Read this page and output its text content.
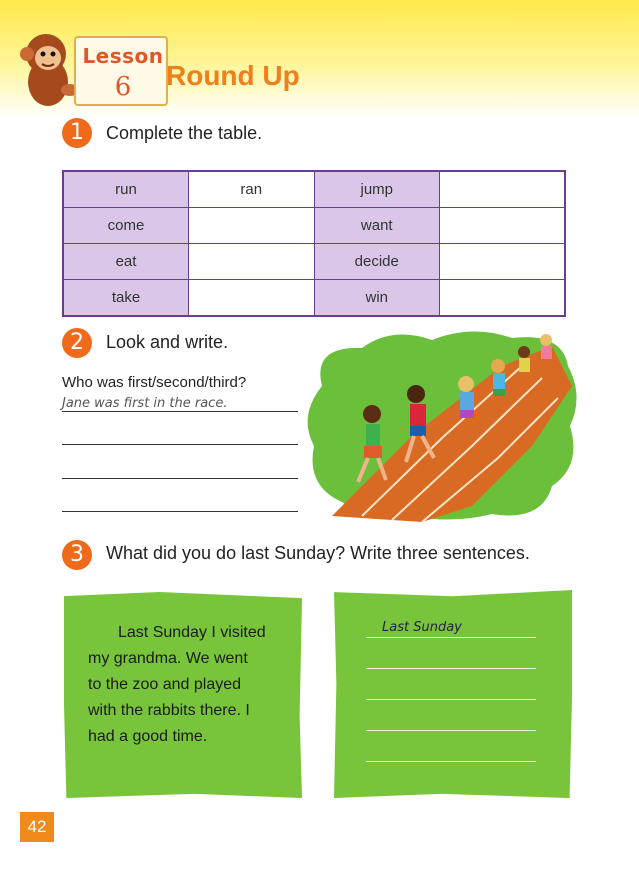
Lesson
6	Round Up
1	Complete the table.
run	ran	jump	
come		want	
eat		decide	
take		win	
2	Look and write.
Who was first/second/third?
Jane was first in the race.
3	What did you do last Sunday? Write three sentences.
Last Sunday I visited
my grandma. We went
to the zoo and played
with the rabbits there. I
had a good time.
Last Sunday
42
